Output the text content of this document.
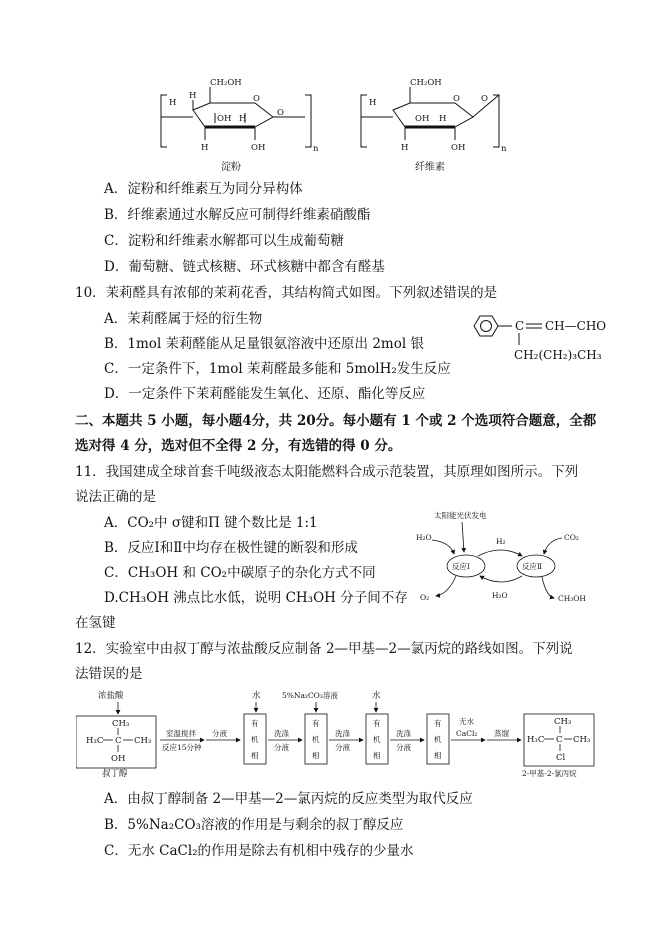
CH₂OH
H
H	O
OH H
O
H	OH	n
淀粉
CH₂OH
H	O O
OH H
H	OH	n
纤维素
A．淀粉和纤维素互为同分异构体
B．纤维素通过水解反应可制得纤维素硝酸酯
C．淀粉和纤维素水解都可以生成葡萄糖
D．葡萄糖、链式核糖、环式核糖中都含有醛基
10．茉莉醛具有浓郁的茉莉花香，其结构简式如图。下列叙述错误的是
A．茉莉醛属于烃的衍生物
B．1mol 茉莉醛能从足量银氨溶液中还原出 2mol 银
C．一定条件下，1mol 茉莉醛最多能和 5molH₂发生反应
D．一定条件下茉莉醛能发生氧化、还原、酯化等反应
C CH—CHO
CH₂(CH₂)₃CH₃
二、本题共 5 小题，每小题4分，共 20分。每小题有 1 个或 2 个选项符合题意，全都
选对得 4 分，选对但不全得 2 分，有选错的得 0 分。
11．我国建成全球首套千吨级液态太阳能燃料合成示范装置，其原理如图所示。下列
说法正确的是
A．CO₂中 σ键和Π 键个数比是 1:1
B．反应Ⅰ和Ⅱ中均存在极性键的断裂和形成
C．CH₃OH 和 CO₂中碳原子的杂化方式不同
D.CH₃OH 沸点比水低，说明 CH₃OH 分子间不存
在氢键
太阳能光伏发电
H₂O
反应Ⅰ	反应Ⅱ
H₂
H₂O
CO₂
O₂	CH₃OH
12．实验室中由叔丁醇与浓盐酸反应制备 2—甲基—2—氯丙烷的路线如图。下列说
法错误的是
浓盐酸
CH₃
H₃C C CH₃
OH
叔丁醇
室温搅拌
反应15分钟
分液
水
有
机
相
洗涤
分液
5%Na₂CO₃溶液
有
机
相
洗涤
分液
水
有
机
相
洗涤
分液
有
机
相
无水
CaCl₂ 蒸馏
CH₃
H₃C C CH₃
Cl
2-甲基-2-氯丙烷
A．由叔丁醇制备 2—甲基—2—氯丙烷的反应类型为取代反应
B．5%Na₂CO₃溶液的作用是与剩余的叔丁醇反应
C．无水 CaCl₂的作用是除去有机相中残存的少量水
